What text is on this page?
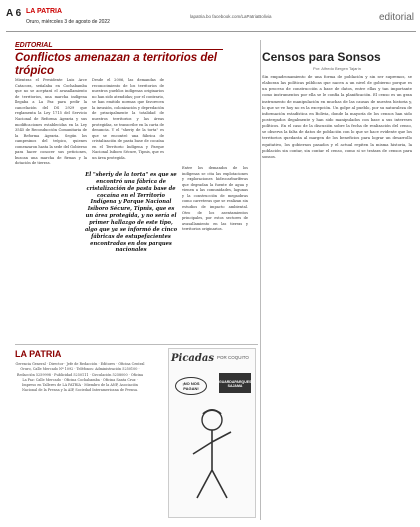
A 6 LA PATRIA
Oruro, miércoles 3 de agosto de 2022
lapatria.bo facebook.com/LaPatriaBolivia	editorial
EDITORIAL
Conflictos amenazan a territorios del trópico
Mientras el Presidente Luis Arce Catacora, señalaba en Cochabamba que no se aceptará el avasallamiento de territorios, una marcha indígena llegaba a La Paz para pedir la cancelación del DS 2929 que reglamenta la Ley 1715 del Servicio Nacional de Reforma Agraria y sus modificaciones establecidas en la Ley 3545 de Reconducción Comunitaria de la Reforma Agraria. Según los campesinos del trópico, quienes comenzaron hasta la sede del Gobierno para hacer conocer sus peticiones, buscan una marcha de firmas y la dotación de tierras.
Desde el 2006, las demandas de reconocimiento de los territorios de nuestros pueblos indígenas originarios no han sido atendidas; por el contrario, se han emitido normas que favorecen la invasión, colonización y depredación de principalmente la totalidad de nuestros territorios y las áreas protegidas, se transcribe en la carta de denuncia. Y el "sheriy de la torta" es que se encontró una fábrica de cristalización de pasta base de cocaína en el Territorio Indígena y Parque Nacional Isiboro Sécure, Tipnis, que es un área protegida.
El "sheriy de la torta" es que se encontró una fábrica de cristalización de pasta base de cocaína en el Territorio Indígena y Parque Nacional Isiboro Sécure, Tipnis, que es un área protegida, y no sería el primer hallazgo de este tipo, algo que ya se informó de cinco fábricas de estupefacientes encontradas en dos parques nacionales
Entre los demandos de los indígenas se cita las explotaciones y exploraciones hidrocarburíferas que degradan la fuente de agua y vienen a las comunidades, lagunas y la construcción de megaobras como carreteras que se realizan sin estudios de impacto ambiental. Otro de los asentamientos principales, por estos sectores de avasallamiento en las tierras y territorios originarios.
LA PATRIA
Gerencia General · Director · Jefe de Redacción · Editores · Oficina Central Oruro, Calle Mercado Nº 1092 · Teléfonos: Administración 5250100 · Redacción 5259998 · Publicidad 5250111 · Circulación 5258000 · Oficina La Paz: Calle Mercado · Oficina Cochabamba · Oficina Santa Cruz · Impreso en Talleres de LA PATRIA · Miembro de la ANP, Asociación Nacional de la Prensa y la AIP, Sociedad Interamericana de Prensa.
Picadas POR COQUITO
¡NO NOS PAGAN!
GUARDAPARQUES SAJAMA
Censos para Sonsos
Por: Alfredo Bergen Tajarín
Sin empadronamiento de una forma de población y sin ser supremos, se elaboran las políticas públicas que nacen a un nivel de gobierno porque es un proceso de construcción a base de datos, entre ellas y tan importante como instrumentos por ella se le confía la planificación. El censo es un gran instrumento de manipulación en muchas de las causas de nuestra historia y, lo que se ve hoy no es la excepción. Un golpe al pueblo, por su naturaleza de información estadística en Bolivia, donde la mayoría de los censos han sido postergados ilegalmente y han sido manipulados con base a sus intereses políticos. En el caso de la discusión sobre la fecha de realización del censo, se observa la falta de datos de población con lo que se hace evidente que los territorios quedarán al margen de los beneficios para lograr un desarrollo equitativo, los gobiernos pasados y el actual repiten la misma historia, la población sin contar, sin contar el censo, como si se tratara de censos para sonsos.
